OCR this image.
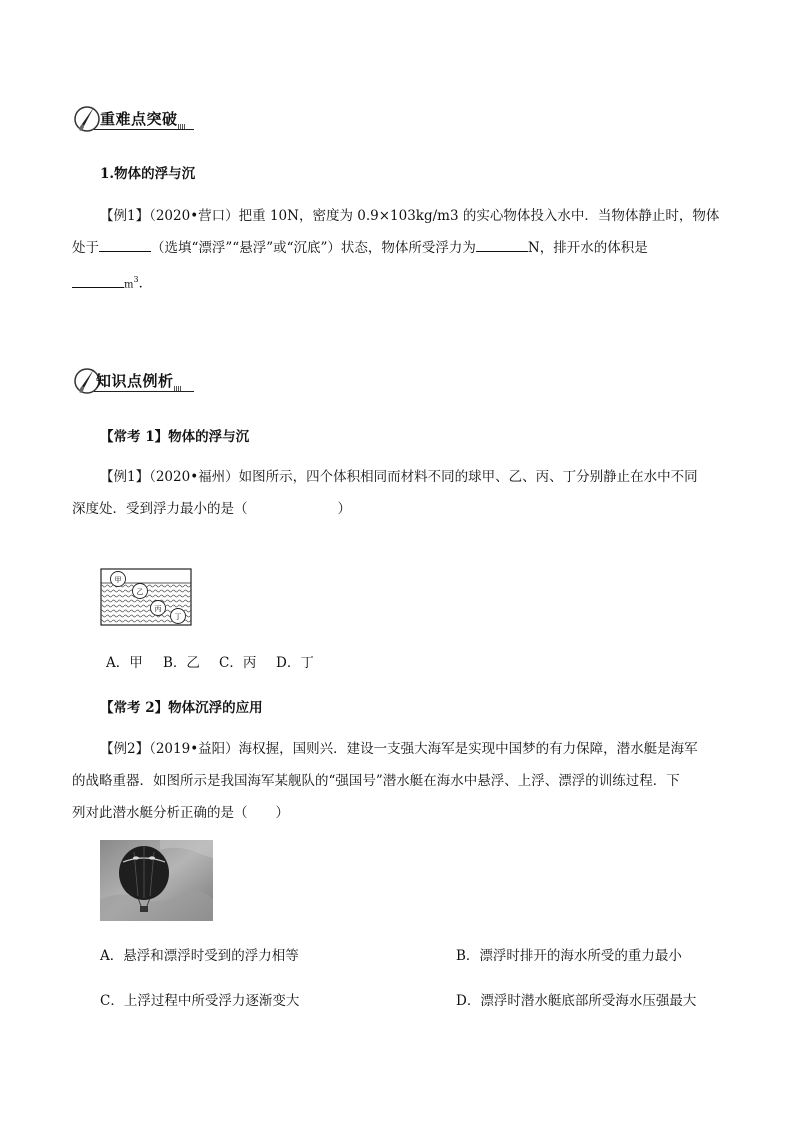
重难点突破
1.物体的浮与沉
【例1】（2020•营口）把重 10N，密度为 0.9×103kg/m3 的实心物体投入水中．当物体静止时，物体
处于	（选填“漂浮”“悬浮”或“沉底”）状态，物体所受浮力为	N，排开水的体积是
$m^3$．
知识点例析
【常考 1】物体的浮与沉
【例1】（2020•福州）如图所示，四个体积相同而材料不同的球甲、乙、丙、丁分别静止在水中不同
深度处．受到浮力最小的是（	）
甲
乙
丙
丁
A．甲 B．乙 C．丙 D．丁
【常考 2】物体沉浮的应用
【例2】（2019•益阳）海权握，国则兴．建设一支强大海军是实现中国梦的有力保障，潜水艇是海军
的战略重器．如图所示是我国海军某舰队的“强国号”潜水艇在海水中悬浮、上浮、漂浮的训练过程．下
列对此潜水艇分析正确的是（ ）
A．悬浮和漂浮时受到的浮力相等	B．漂浮时排开的海水所受的重力最小
C．上浮过程中所受浮力逐渐变大	D．漂浮时潜水艇底部所受海水压强最大
